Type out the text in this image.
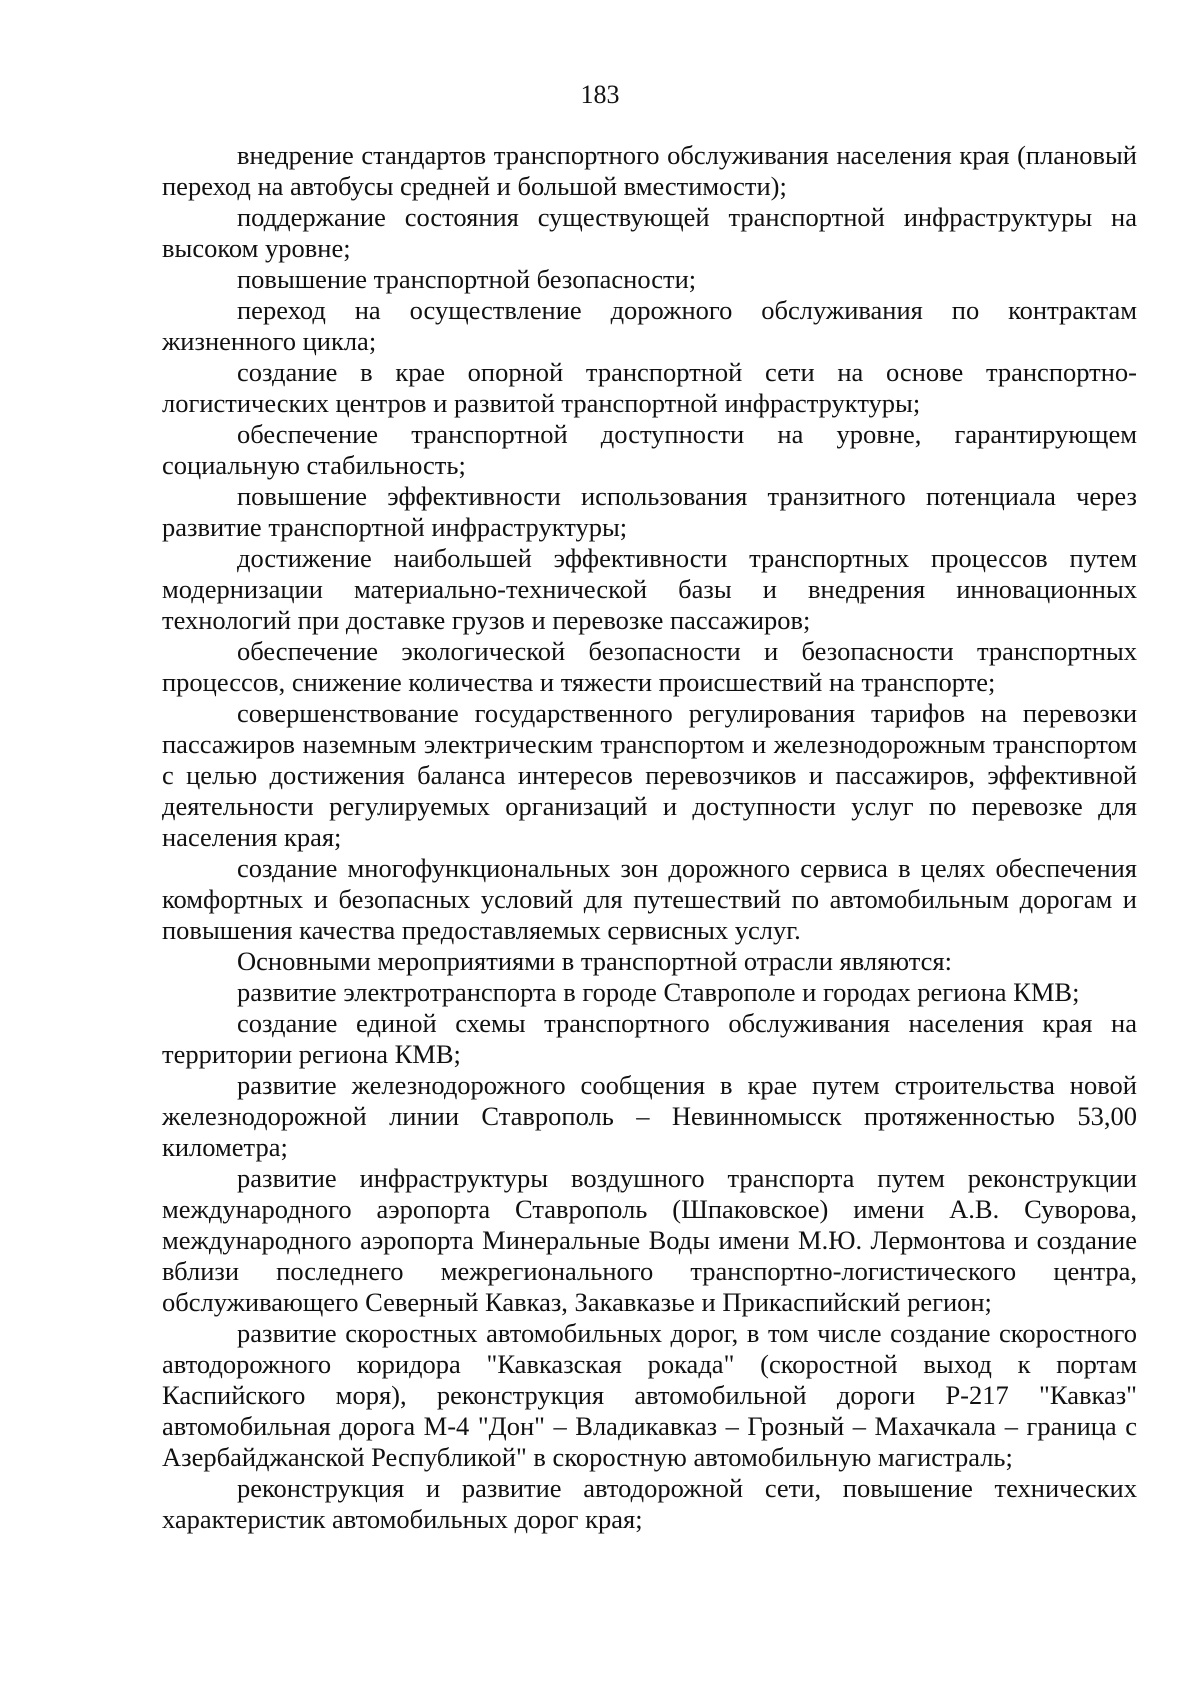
183

внедрение стандартов транспортного обслуживания населения края (плановый переход на автобусы средней и большой вместимости);

поддержание состояния существующей транспортной инфраструктуры на высоком уровне;

повышение транспортной безопасности;

переход на осуществление дорожного обслуживания по контрактам жизненного цикла;

создание в крае опорной транспортной сети на основе транспортно-логистических центров и развитой транспортной инфраструктуры;

обеспечение транспортной доступности на уровне, гарантирующем социальную стабильность;

повышение эффективности использования транзитного потенциала через развитие транспортной инфраструктуры;

достижение наибольшей эффективности транспортных процессов путем модернизации материально-технической базы и внедрения инновационных технологий при доставке грузов и перевозке пассажиров;

обеспечение экологической безопасности и безопасности транспортных процессов, снижение количества и тяжести происшествий на транспорте;

совершенствование государственного регулирования тарифов на перевозки пассажиров наземным электрическим транспортом и железнодорожным транспортом с целью достижения баланса интересов перевозчиков и пассажиров, эффективной деятельности регулируемых организаций и доступности услуг по перевозке для населения края;

создание многофункциональных зон дорожного сервиса в целях обеспечения комфортных и безопасных условий для путешествий по автомобильным дорогам и повышения качества предоставляемых сервисных услуг.

Основными мероприятиями в транспортной отрасли являются:

развитие электротранспорта в городе Ставрополе и городах региона КМВ;

создание единой схемы транспортного обслуживания населения края на территории региона КМВ;

развитие железнодорожного сообщения в крае путем строительства новой железнодорожной линии Ставрополь – Невинномысск протяженностью 53,00 километра;

развитие инфраструктуры воздушного транспорта путем реконструкции международного аэропорта Ставрополь (Шпаковское) имени А.В. Суворова, международного аэропорта Минеральные Воды имени М.Ю. Лермонтова и создание вблизи последнего межрегионального транспортно-логистического центра, обслуживающего Северный Кавказ, Закавказье и Прикаспийский регион;

развитие скоростных автомобильных дорог, в том числе создание скоростного автодорожного коридора "Кавказская рокада" (скоростной выход к портам Каспийского моря), реконструкция автомобильной дороги Р-217 "Кавказ" автомобильная дорога М-4 "Дон" – Владикавказ – Грозный – Махачкала – граница с Азербайджанской Республикой" в скоростную автомобильную магистраль;

реконструкция и развитие автодорожной сети, повышение технических характеристик автомобильных дорог края;
